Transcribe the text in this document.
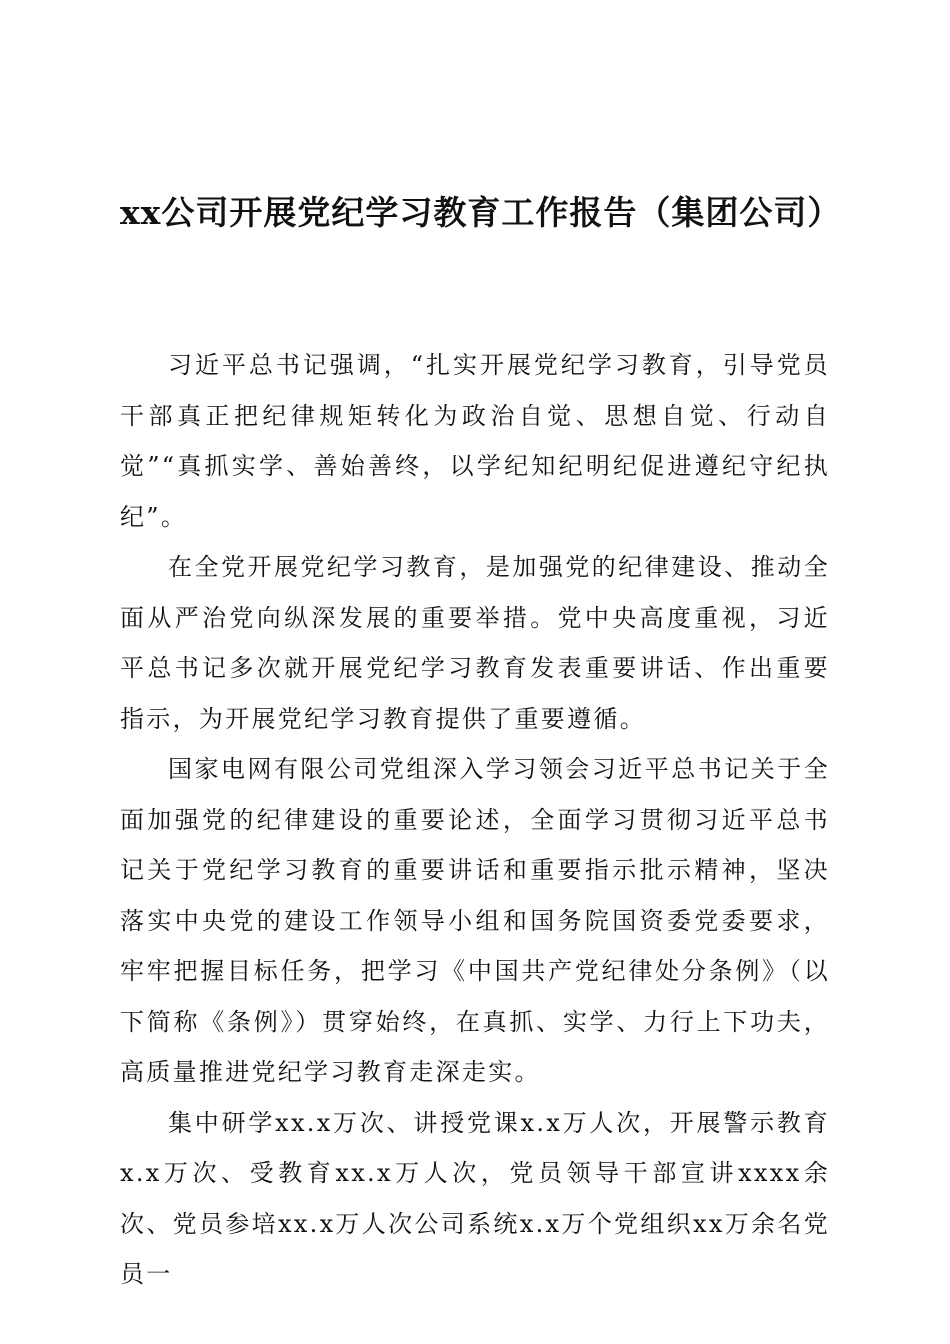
xx公司开展党纪学习教育工作报告（集团公司）

习近平总书记强调，“扎实开展党纪学习教育，引导党员干部真正把纪律规矩转化为政治自觉、思想自觉、行动自觉”“真抓实学、善始善终，以学纪知纪明纪促进遵纪守纪执纪”。

在全党开展党纪学习教育，是加强党的纪律建设、推动全面从严治党向纵深发展的重要举措。党中央高度重视，习近平总书记多次就开展党纪学习教育发表重要讲话、作出重要指示，为开展党纪学习教育提供了重要遵循。

国家电网有限公司党组深入学习领会习近平总书记关于全面加强党的纪律建设的重要论述，全面学习贯彻习近平总书记关于党纪学习教育的重要讲话和重要指示批示精神，坚决落实中央党的建设工作领导小组和国务院国资委党委要求，牢牢把握目标任务，把学习《中国共产党纪律处分条例》（以下简称《条例》）贯穿始终，在真抓、实学、力行上下功夫，高质量推进党纪学习教育走深走实。

集中研学xx.x万次、讲授党课x.x万人次，开展警示教育x.x万次、受教育xx.x万人次，党员领导干部宣讲xxxx余次、党员参培xx.x万人次公司系统x.x万个党组织xx万余名党员一
